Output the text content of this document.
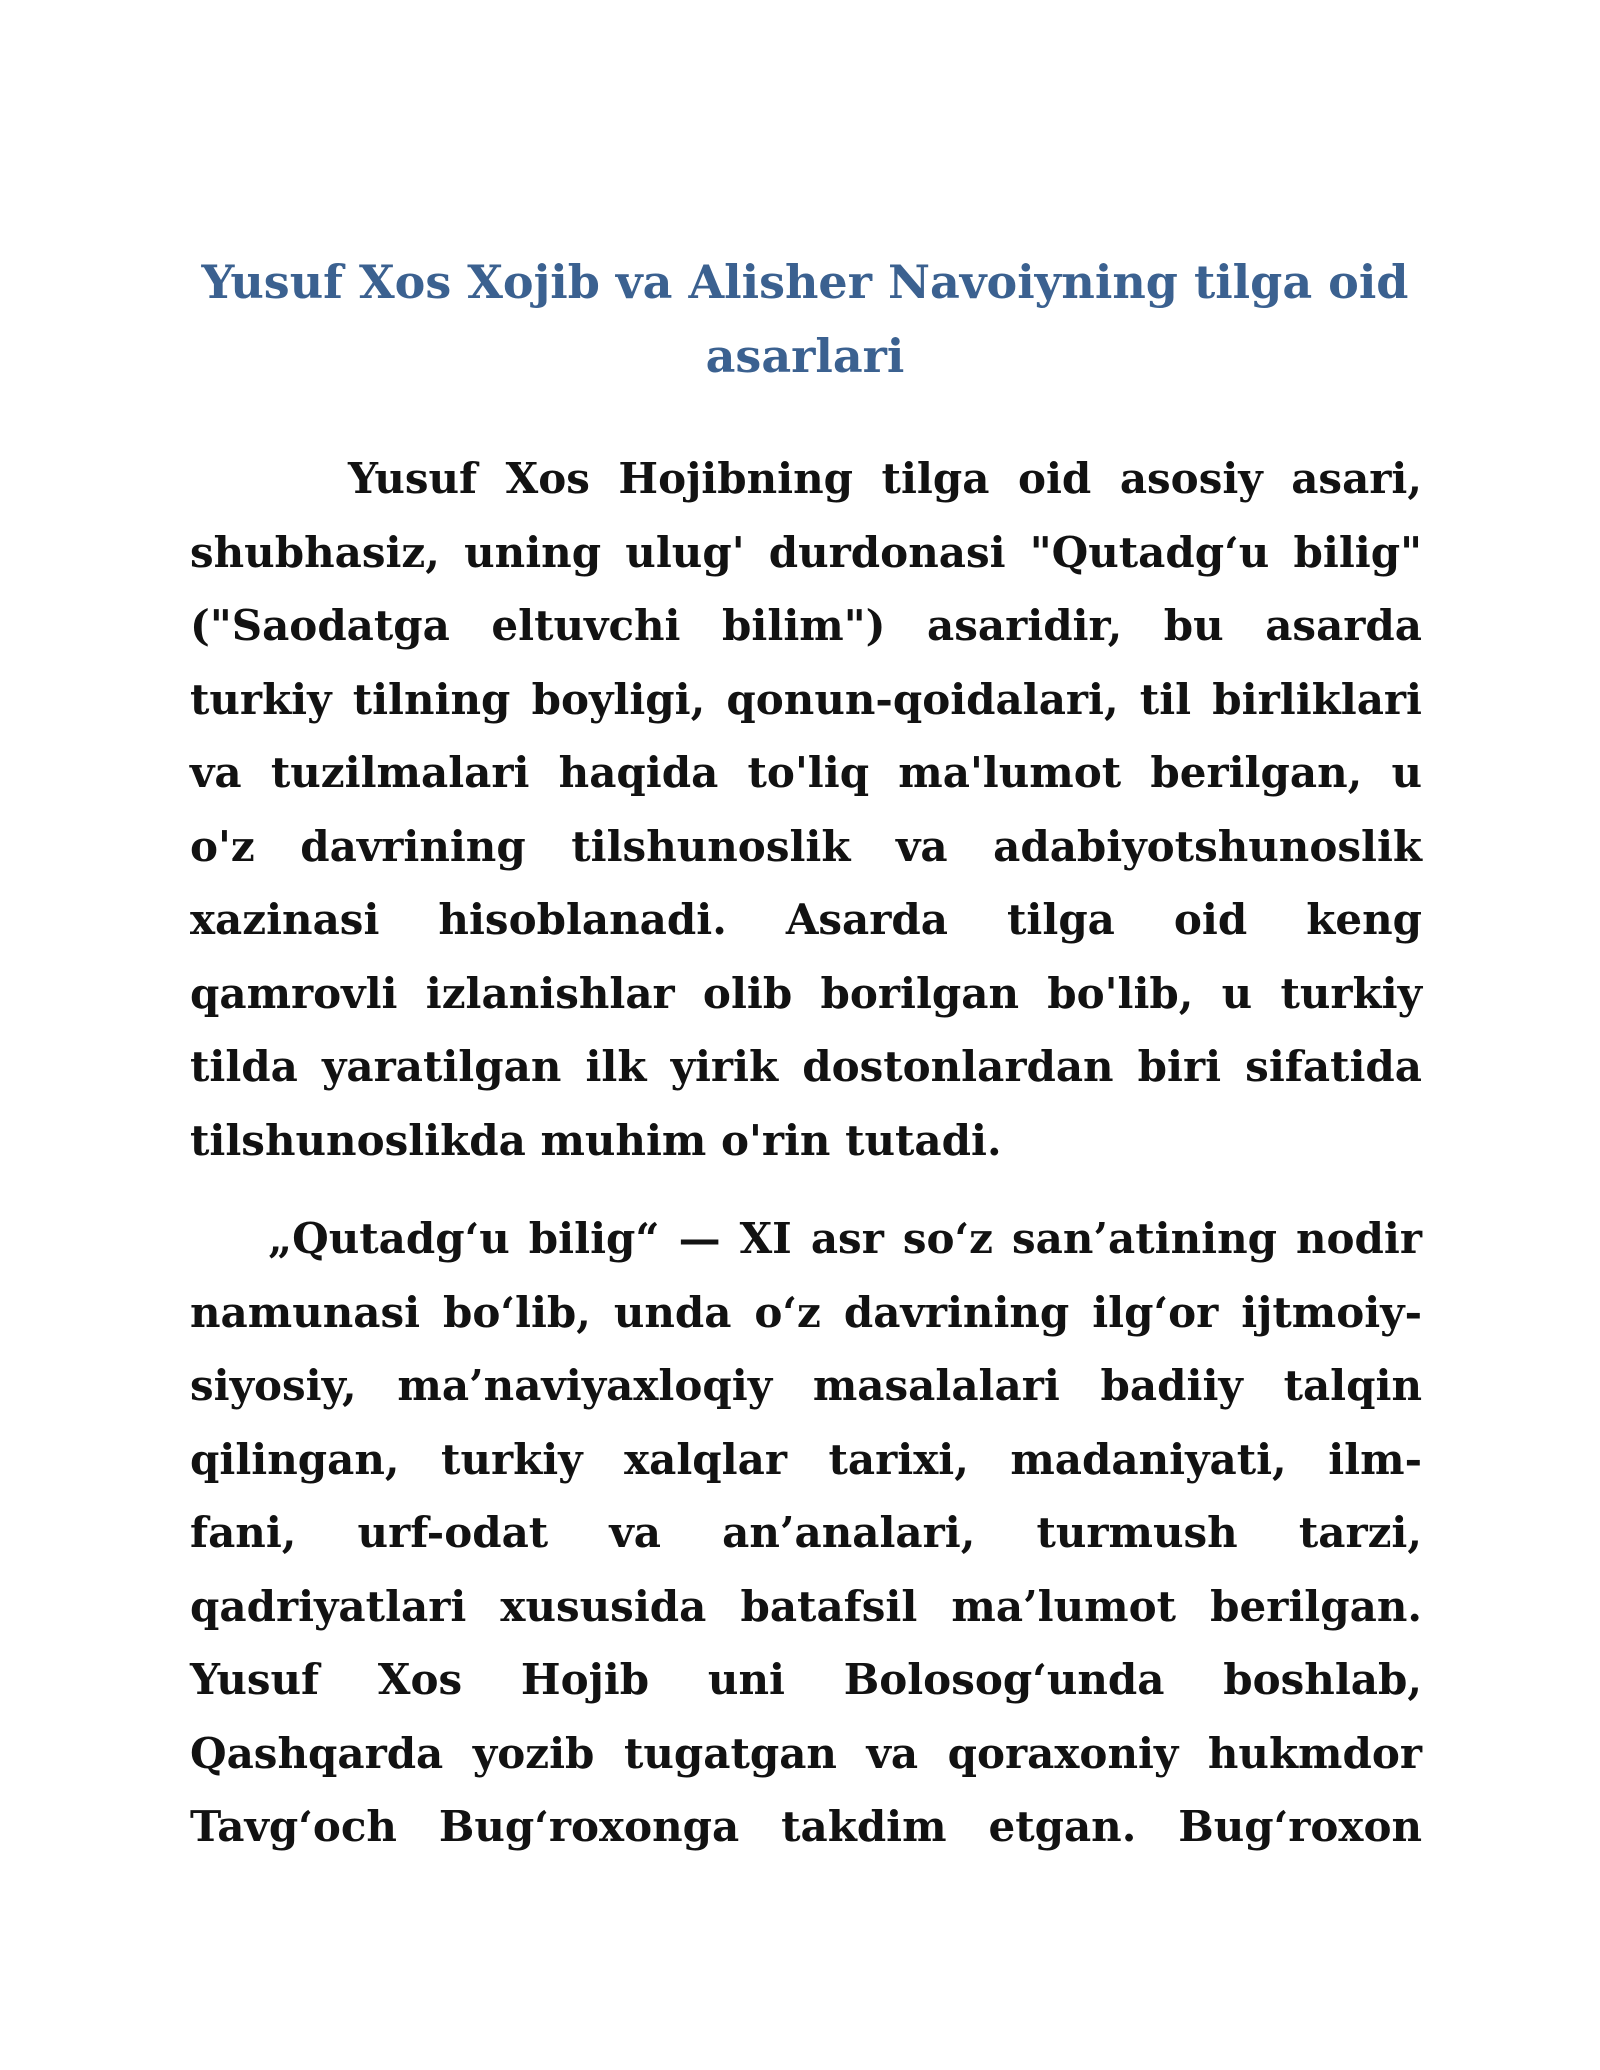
Yusuf Xos Xojib va Alisher Navoiyning tilga oid asarlari
Yusuf Xos Hojibning tilga oid asosiy asari,
shubhasiz, uning ulug' durdonasi "Qutadg‘u bilig"
("Saodatga eltuvchi bilim") asaridir, bu asarda
turkiy tilning boyligi, qonun-qoidalari, til birliklari
va tuzilmalari haqida to'liq ma'lumot berilgan, u
o'z davrining tilshunoslik va adabiyotshunoslik
xazinasi hisoblanadi. Asarda tilga oid keng
qamrovli izlanishlar olib borilgan bo'lib, u turkiy
tilda yaratilgan ilk yirik dostonlardan biri sifatida
tilshunoslikda muhim o'rin tutadi.
„Qutadg‘u bilig“ — XI asr so‘z san’atining nodir
namunasi bo‘lib, unda o‘z davrining ilg‘or ijtmoiy-
siyosiy, ma’naviyaxloqiy masalalari badiiy talqin
qilingan, turkiy xalqlar tarixi, madaniyati, ilm-
fani, urf-odat va an’analari, turmush tarzi,
qadriyatlari xususida batafsil ma’lumot berilgan.
Yusuf Xos Hojib uni Bolosog‘unda boshlab,
Qashqarda yozib tugatgan va qoraxoniy hukmdor
Tavg‘och Bug‘roxonga takdim etgan. Bug‘roxon
